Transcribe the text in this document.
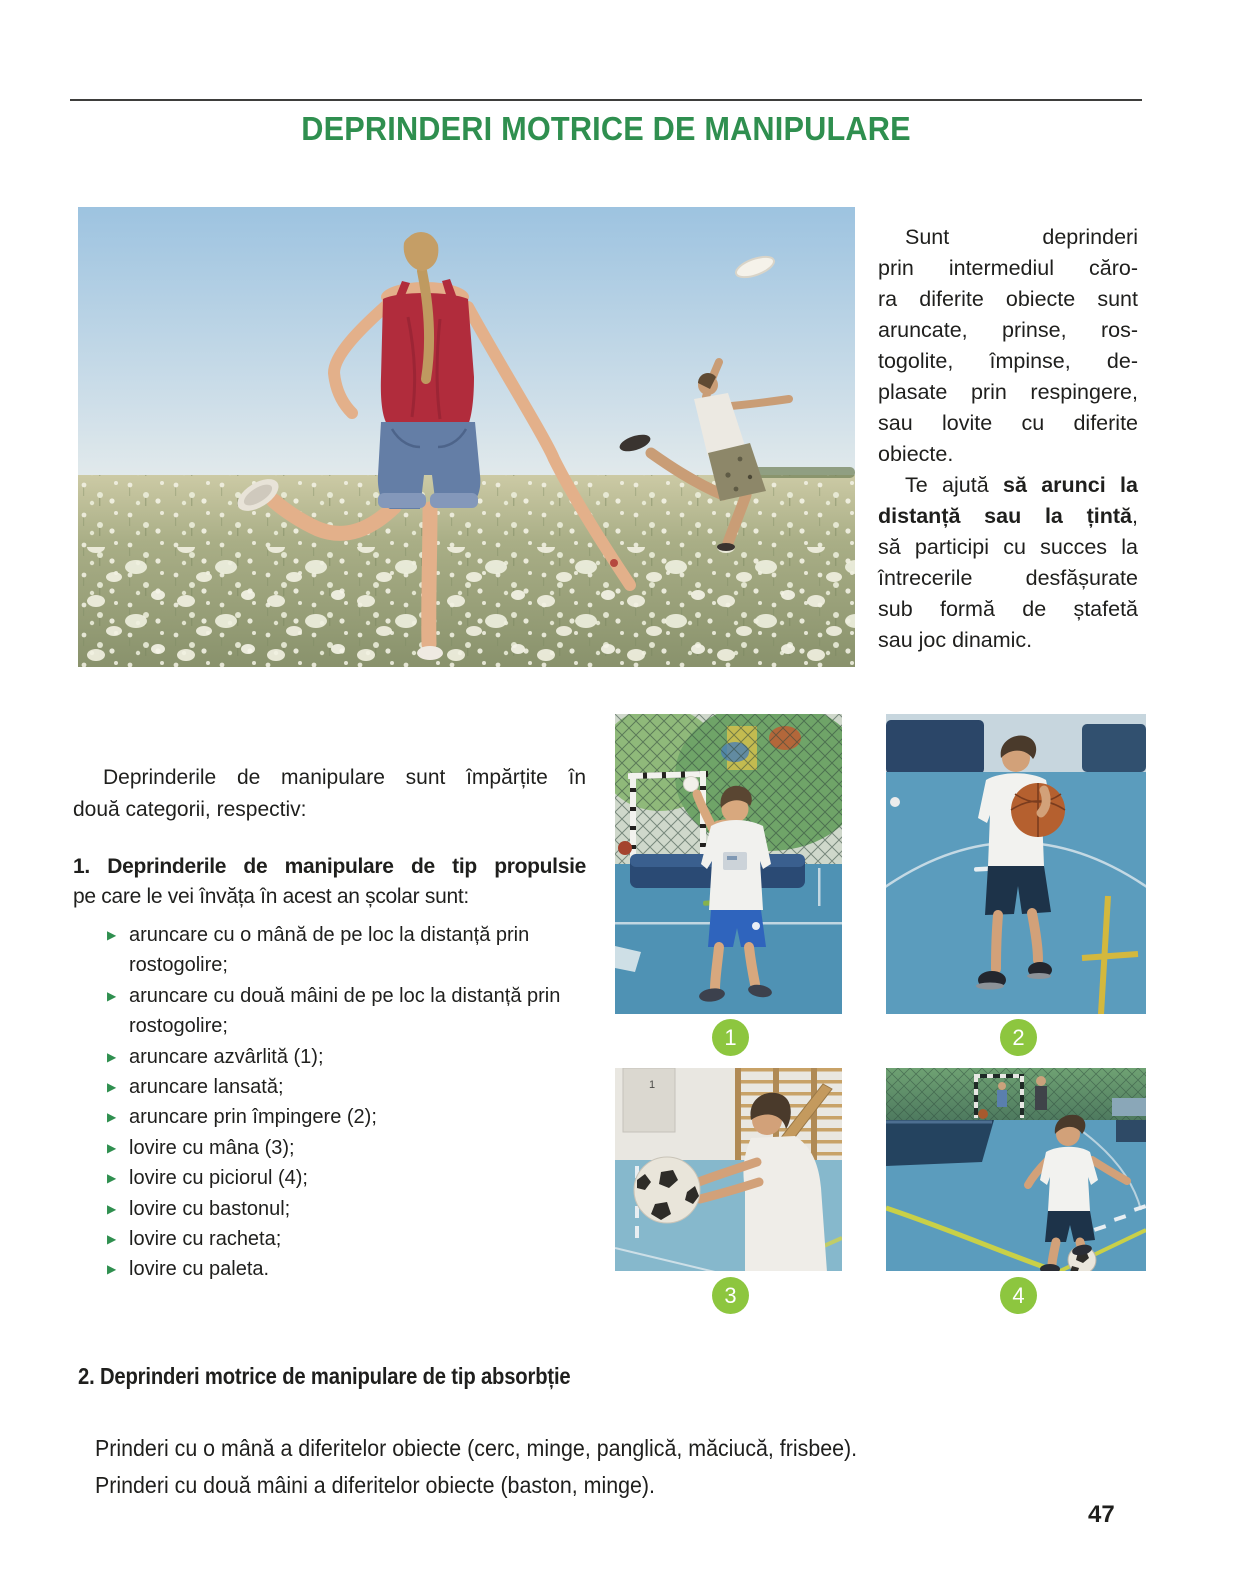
DEPRINDERI MOTRICE DE MANIPULARE
Sunt deprinderi
prin intermediul căro-
ra diferite obiecte sunt
aruncate, prinse, ros-
togolite, împinse, de-
plasate prin respingere,
sau lovite cu diferite
obiecte.
Te ajută să arunci la
distanță sau la țintă,
să participi cu succes la
întrecerile desfășurate
sub formă de ștafetă
sau joc dinamic.
Deprinderile de manipulare sunt împărțite în
două categorii, respectiv:
1. Deprinderile de manipulare de tip propulsie
pe care le vei învăța în acest an școlar sunt:
▶ aruncare cu o mână de pe loc la distanță prin rostogolire;
▶ aruncare cu două mâini de pe loc la distanță prin rostogolire;
▶ aruncare azvârlită (1);
▶ aruncare lansată;
▶ aruncare prin împingere (2);
▶ lovire cu mâna (3);
▶ lovire cu piciorul (4);
▶ lovire cu bastonul;
▶ lovire cu racheta;
▶ lovire cu paleta.
1
1	2
3	4
2. Deprinderi motrice de manipulare de tip absorbție
Prinderi cu o mână a diferitelor obiecte (cerc, minge, panglică, măciucă, frisbee).
Prinderi cu două mâini a diferitelor obiecte (baston, minge).
47
